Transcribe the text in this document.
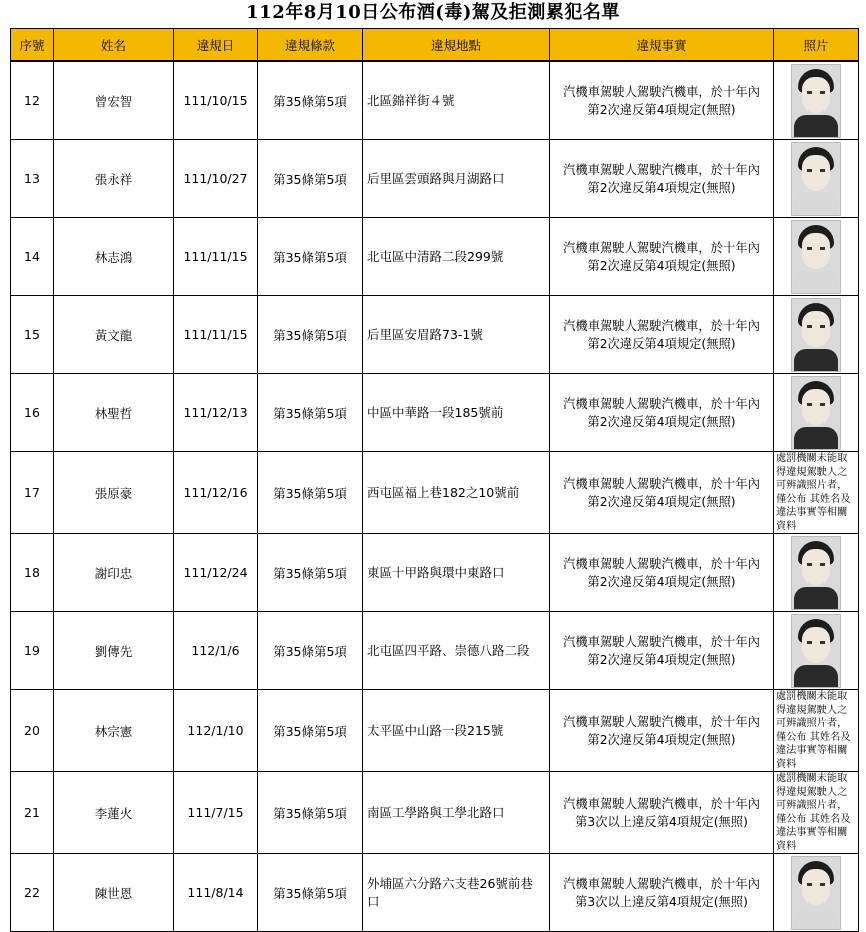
112年8月10日公布酒(毒)駕及拒測累犯名單
序號	姓名	違規日	違規條款	違規地點	違規事實	照片
12	曾宏智	111/10/15	第35條第5項	北區錦祥街４號	汽機車駕駛人駕駛汽機車，於十年內
第2次違反第4項規定(無照)	

13	張永祥	111/10/27	第35條第5項	后里區雲頭路與月湖路口	汽機車駕駛人駕駛汽機車，於十年內
第2次違反第4項規定(無照)	

14	林志鴻	111/11/15	第35條第5項	北屯區中清路二段299號	汽機車駕駛人駕駛汽機車，於十年內
第2次違反第4項規定(無照)	

15	黃文龍	111/11/15	第35條第5項	后里區安眉路73-1號	汽機車駕駛人駕駛汽機車，於十年內
第2次違反第4項規定(無照)	

16	林聖哲	111/12/13	第35條第5項	中區中華路一段185號前	汽機車駕駛人駕駛汽機車，於十年內
第2次違反第4項規定(無照)	

17	張原豪	111/12/16	第35條第5項	西屯區福上巷182之10號前	汽機車駕駛人駕駛汽機車，於十年內
第2次違反第4項規定(無照)	處罰機關未能取得違規駕駛人之可辨識照片者，僅公布 其姓名及違法事實等相關資料

18	謝印忠	111/12/24	第35條第5項	東區十甲路與環中東路口	汽機車駕駛人駕駛汽機車，於十年內
第2次違反第4項規定(無照)	

19	劉傳先	112/1/6	第35條第5項	北屯區四平路、崇德八路二段	汽機車駕駛人駕駛汽機車，於十年內
第2次違反第4項規定(無照)	

20	林宗憲	112/1/10	第35條第5項	太平區中山路一段215號	汽機車駕駛人駕駛汽機車，於十年內
第2次違反第4項規定(無照)	處罰機關未能取得違規駕駛人之可辨識照片者，僅公布 其姓名及違法事實等相關資料

21	李蓮火	111/7/15	第35條第5項	南區工學路與工學北路口	汽機車駕駛人駕駛汽機車，於十年內
第3次以上違反第4項規定(無照)	處罰機關未能取得違規駕駛人之可辨識照片者，僅公布 其姓名及違法事實等相關資料

22	陳世恩	111/8/14	第35條第5項	外埔區六分路六支巷26號前巷口	汽機車駕駛人駕駛汽機車，於十年內
第3次以上違反第4項規定(無照)	
